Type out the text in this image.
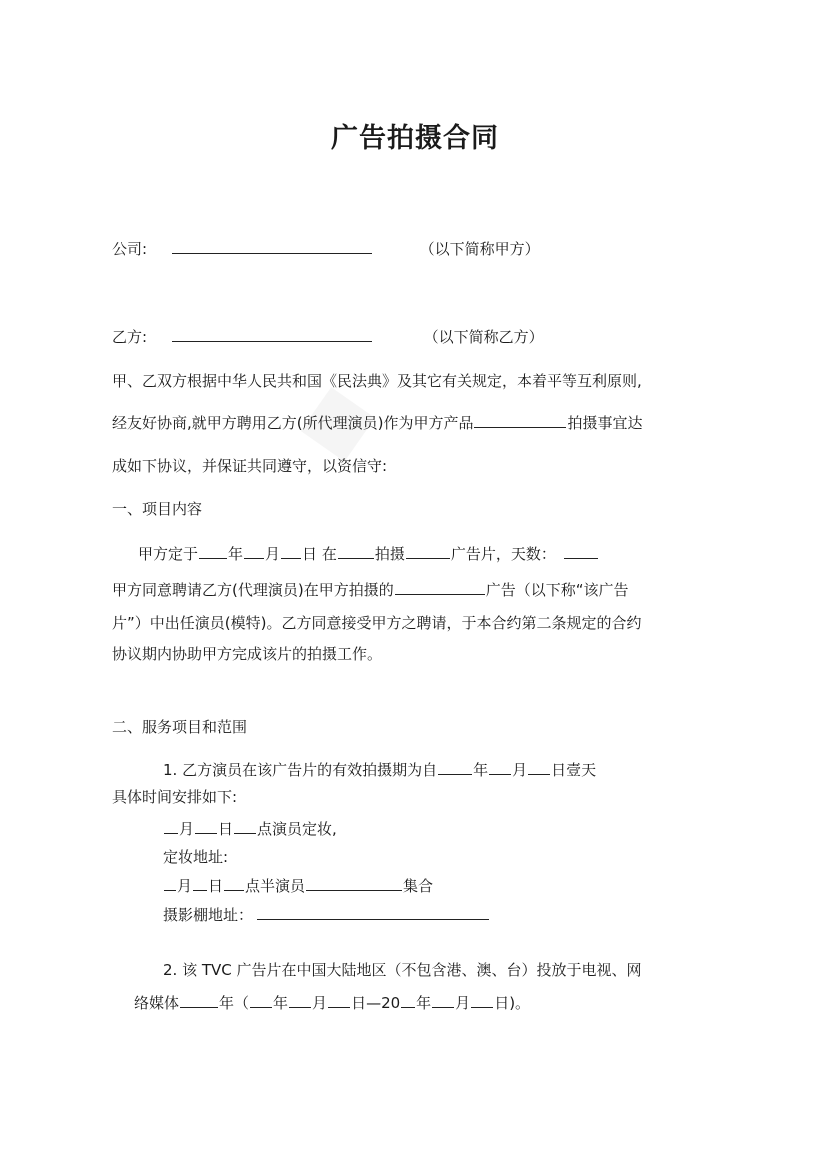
广告拍摄合同
公司:	（以下简称甲方）
乙方:	（以下简称乙方）
甲、乙双方根据中华人民共和国《民法典》及其它有关规定，本着平等互利原则,
经友好协商,就甲方聘用乙方(所代理演员)作为甲方产品	拍摄事宜达
成如下协议，并保证共同遵守，以资信守:
一、项目内容
甲方定于 年 月 日 在	拍摄	广告片，天数：
甲方同意聘请乙方(代理演员)在甲方拍摄的	广告（以下称“该广告
片”）中出任演员(模特)。乙方同意接受甲方之聘请，于本合约第二条规定的合约
协议期内协助甲方完成该片的拍摄工作。
二、服务项目和范围
1. 乙方演员在该广告片的有效拍摄期为自 年 月 日壹天
具体时间安排如下:
月 日 点演员定妆,
定妆地址:
月 日 点半演员	集合
摄影棚地址：
2. 该 TVC 广告片在中国大陆地区（不包含港、澳、台）投放于电视、网
络媒体	年（ 年 月 日—20 年 月 日)。
